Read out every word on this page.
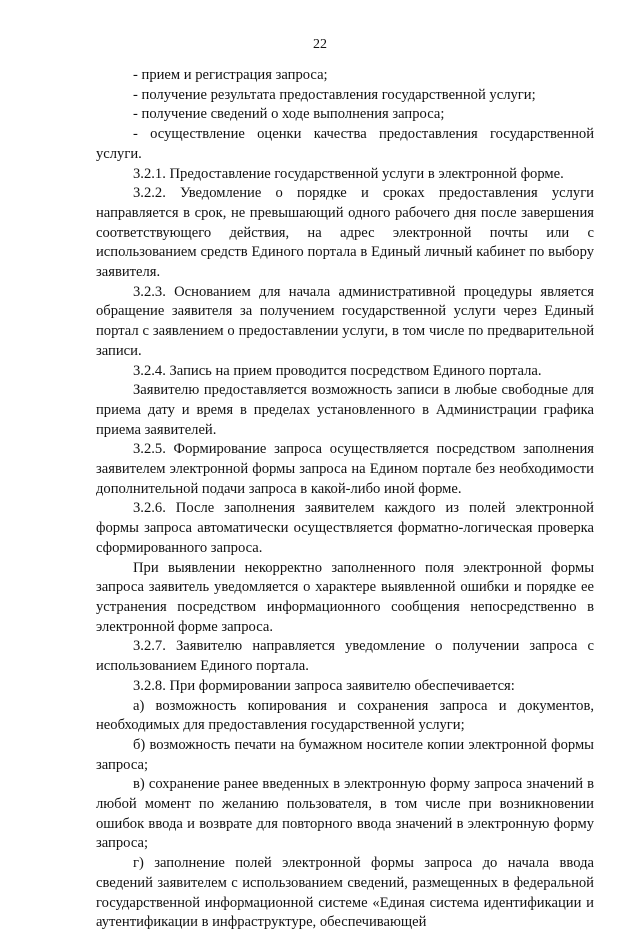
22

- прием и регистрация запроса;

- получение результата предоставления государственной услуги;

- получение сведений о ходе выполнения запроса;

- осуществление оценки качества предоставления государственной услуги.

3.2.1. Предоставление государственной услуги в электронной форме.

3.2.2. Уведомление о порядке и сроках предоставления услуги направляется в срок, не превышающий одного рабочего дня после завершения соответствующего действия, на адрес электронной почты или с использованием средств Единого портала в Единый личный кабинет по выбору заявителя.

3.2.3. Основанием для начала административной процедуры является обращение заявителя за получением государственной услуги через Единый портал с заявлением о предоставлении услуги, в том числе по предварительной записи.

3.2.4. Запись на прием проводится посредством Единого портала.

Заявителю предоставляется возможность записи в любые свободные для приема дату и время в пределах установленного в Администрации графика приема заявителей.

3.2.5. Формирование запроса осуществляется посредством заполнения заявителем электронной формы запроса на Едином портале без необходимости дополнительной подачи запроса в какой-либо иной форме.

3.2.6. После заполнения заявителем каждого из полей электронной формы запроса автоматически осуществляется форматно-логическая проверка сформированного запроса.

При выявлении некорректно заполненного поля электронной формы запроса заявитель уведомляется о характере выявленной ошибки и порядке ее устранения посредством информационного сообщения непосредственно в электронной форме запроса.

3.2.7. Заявителю направляется уведомление о получении запроса с использованием Единого портала.

3.2.8. При формировании запроса заявителю обеспечивается:

а) возможность копирования и сохранения запроса и документов, необходимых для предоставления государственной услуги;

б) возможность печати на бумажном носителе копии электронной формы запроса;

в) сохранение ранее введенных в электронную форму запроса значений в любой момент по желанию пользователя, в том числе при возникновении ошибок ввода и возврате для повторного ввода значений в электронную форму запроса;

г) заполнение полей электронной формы запроса до начала ввода сведений заявителем с использованием сведений, размещенных в федеральной государственной информационной системе «Единая система идентификации и аутентификации в инфраструктуре, обеспечивающей
